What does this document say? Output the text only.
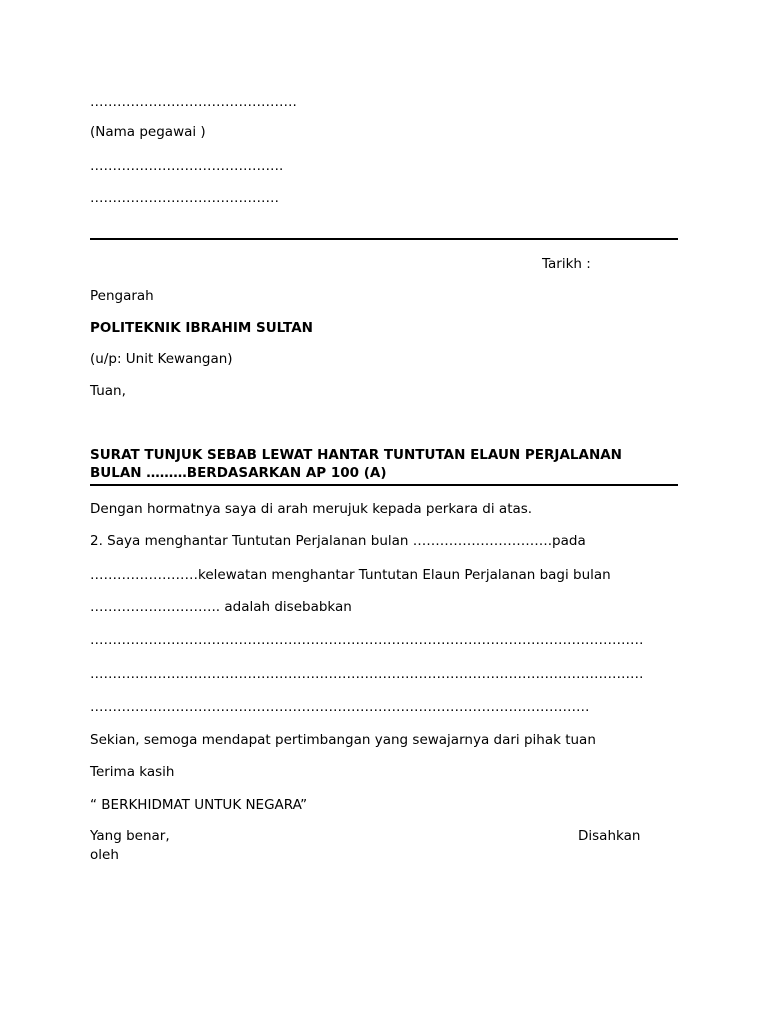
……………………………………….
(Nama pegawai )
…………………………………….
……………………………………
Tarikh :
Pengarah
POLITEKNIK IBRAHIM SULTAN
(u/p: Unit Kewangan)
Tuan,
SURAT TUNJUK SEBAB LEWAT HANTAR TUNTUTAN ELAUN PERJALANAN
BULAN ………BERDASARKAN AP 100 (A)
Dengan hormatnya saya di arah merujuk kepada perkara di atas.
2. Saya menghantar Tuntutan Perjalanan bulan ………………………….pada
……………………kelewatan menghantar Tuntutan Elaun Perjalanan bagi bulan
……………………….. adalah disebabkan
……………………………………………………………………………………………………………
……………………………………………………………………………………………………………
…………………………………………………………………………………………………
Sekian, semoga mendapat pertimbangan yang sewajarnya dari pihak tuan
Terima kasih
“ BERKHIDMAT UNTUK NEGARA”
Yang benar,	Disahkan
oleh
